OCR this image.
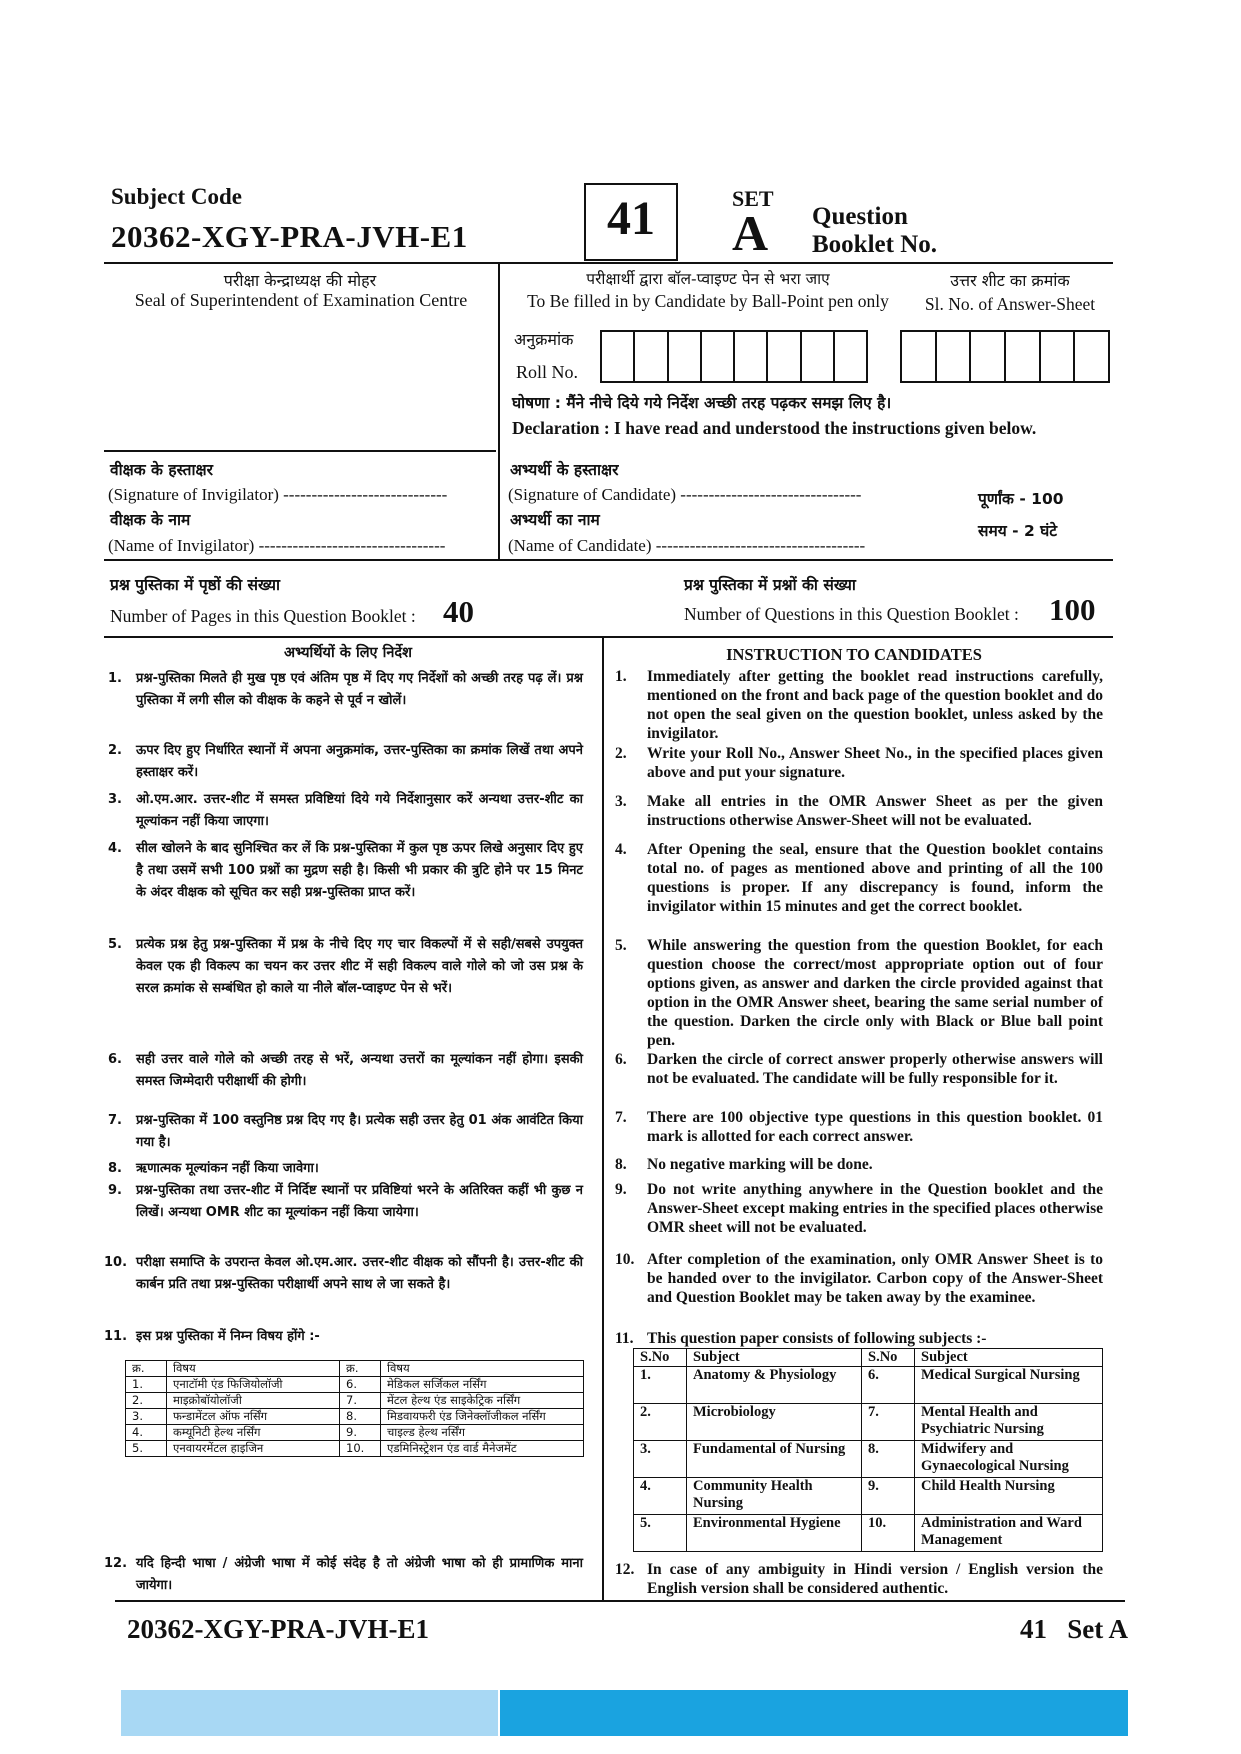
Subject Code
20362-XGY-PRA-JVH-E1	41	SET
A Question
Booklet No.
परीक्षा केन्द्राध्यक्ष की मोहर
Seal of Superintendent of Examination Centre
परीक्षार्थी द्वारा बॉल-प्वाइण्ट पेन से भरा जाए
To Be filled in by Candidate by Ball-Point pen only
उत्तर शीट का क्रमांक
Sl. No. of Answer-Sheet
अनुक्रमांक
Roll No.
घोषणा : मैंने नीचे दिये गये निर्देश अच्छी तरह पढ़कर समझ लिए है।
Declaration : I have read and understood the instructions given below.
वीक्षक के हस्ताक्षर
(Signature of Invigilator) -----------------------------
वीक्षक के नाम
(Name of Invigilator) ---------------------------------
अभ्यर्थी के हस्ताक्षर
(Signature of Candidate) --------------------------------
अभ्यर्थी का नाम
(Name of Candidate) -------------------------------------
पूर्णांक - 100
समय - 2 घंटे
प्रश्न पुस्तिका में पृष्ठों की संख्या
Number of Pages in this Question Booklet : 40
प्रश्न पुस्तिका में प्रश्नों की संख्या
Number of Questions in this Question Booklet : 100
अभ्यर्थियों के लिए निर्देश
1. प्रश्न-पुस्तिका मिलते ही मुख पृष्ठ एवं अंतिम पृष्ठ में दिए गए निर्देशों को अच्छी तरह पढ़ लें। प्रश्न पुस्तिका में लगी सील को वीक्षक के कहने से पूर्व न खोलें।
2. ऊपर दिए हुए निर्धारित स्थानों में अपना अनुक्रमांक, उत्तर-पुस्तिका का क्रमांक लिखें तथा अपने हस्ताक्षर करें।
3. ओ.एम.आर. उत्तर-शीट में समस्त प्रविष्टियां दिये गये निर्देशानुसार करें अन्यथा उत्तर-शीट का मूल्यांकन नहीं किया जाएगा।
4. सील खोलने के बाद सुनिश्चित कर लें कि प्रश्न-पुस्तिका में कुल पृष्ठ ऊपर लिखे अनुसार दिए हुए है तथा उसमें सभी 100 प्रश्नों का मुद्रण सही है। किसी भी प्रकार की त्रुटि होने पर 15 मिनट के अंदर वीक्षक को सूचित कर सही प्रश्न-पुस्तिका प्राप्त करें।
5. प्रत्येक प्रश्न हेतु प्रश्न-पुस्तिका में प्रश्न के नीचे दिए गए चार विकल्पों में से सही/सबसे उपयुक्त केवल एक ही विकल्प का चयन कर उत्तर शीट में सही विकल्प वाले गोले को जो उस प्रश्न के सरल क्रमांक से सम्बंधित हो काले या नीले बॉल-प्वाइण्ट पेन से भरें।
6. सही उत्तर वाले गोले को अच्छी तरह से भरें, अन्यथा उत्तरों का मूल्यांकन नहीं होगा। इसकी समस्त जिम्मेदारी परीक्षार्थी की होगी।
7. प्रश्न-पुस्तिका में 100 वस्तुनिष्ठ प्रश्न दिए गए है। प्रत्येक सही उत्तर हेतु 01 अंक आवंटित किया गया है।
8. ऋणात्मक मूल्यांकन नहीं किया जावेगा।
9. प्रश्न-पुस्तिका तथा उत्तर-शीट में निर्दिष्ट स्थानों पर प्रविष्टियां भरने के अतिरिक्त कहीं भी कुछ न लिखें। अन्यथा OMR शीट का मूल्यांकन नहीं किया जायेगा।
10. परीक्षा समाप्ति के उपरान्त केवल ओ.एम.आर. उत्तर-शीट वीक्षक को सौंपनी है। उत्तर-शीट की कार्बन प्रति तथा प्रश्न-पुस्तिका परीक्षार्थी अपने साथ ले जा सकते है।
11. इस प्रश्न पुस्तिका में निम्न विषय होंगे :-
क्र.	विषय	क्र.	विषय
1.	एनाटॉमी एंड फिजियोलॉजी	6.	मेडिकल सर्जिकल नर्सिंग
2.	माइक्रोबॉयोलॉजी	7.	मेंटल हेल्थ एंड साइकेट्रिक नर्सिंग
3.	फन्डामेंटल ऑफ नर्सिंग	8.	मिडवायफरी एंड जिनेक्लॉजीकल नर्सिंग
4.	कम्यूनिटी हेल्थ नर्सिंग	9.	चाइल्ड हेल्थ नर्सिंग
5.	एनवायरमेंटल हाइजिन	10.	एडमिनिस्ट्रेशन एंड वार्ड मैनेजमेंट
12. यदि हिन्दी भाषा / अंग्रेजी भाषा में कोई संदेह है तो अंग्रेजी भाषा को ही प्रामाणिक माना जायेगा।
INSTRUCTION TO CANDIDATES
1. Immediately after getting the booklet read instructions carefully, mentioned on the front and back page of the question booklet and do not open the seal given on the question booklet, unless asked by the invigilator.
2. Write your Roll No., Answer Sheet No., in the specified places given above and put your signature.
3. Make all entries in the OMR Answer Sheet as per the given instructions otherwise Answer-Sheet will not be evaluated.
4. After Opening the seal, ensure that the Question booklet contains total no. of pages as mentioned above and printing of all the 100 questions is proper. If any discrepancy is found, inform the invigilator within 15 minutes and get the correct booklet.
5. While answering the question from the question Booklet, for each question choose the correct/most appropriate option out of four options given, as answer and darken the circle provided against that option in the OMR Answer sheet, bearing the same serial number of the question. Darken the circle only with Black or Blue ball point pen.
6. Darken the circle of correct answer properly otherwise answers will not be evaluated. The candidate will be fully responsible for it.
7. There are 100 objective type questions in this question booklet. 01 mark is allotted for each correct answer.
8. No negative marking will be done.
9. Do not write anything anywhere in the Question booklet and the Answer-Sheet except making entries in the specified places otherwise OMR sheet will not be evaluated.
10. After completion of the examination, only OMR Answer Sheet is to be handed over to the invigilator. Carbon copy of the Answer-Sheet and Question Booklet may be taken away by the examinee.
11. This question paper consists of following subjects :-
S.No	Subject	S.No	Subject
1.	Anatomy & Physiology	6.	Medical Surgical Nursing
2.	Microbiology	7.	Mental Health and Psychiatric Nursing
3.	Fundamental of Nursing	8.	Midwifery and Gynaecological Nursing
4.	Community Health Nursing	9.	Child Health Nursing
5.	Environmental Hygiene	10.	Administration and Ward Management
12. In case of any ambiguity in Hindi version / English version the English version shall be considered authentic.
20362-XGY-PRA-JVH-E1	41   Set A
